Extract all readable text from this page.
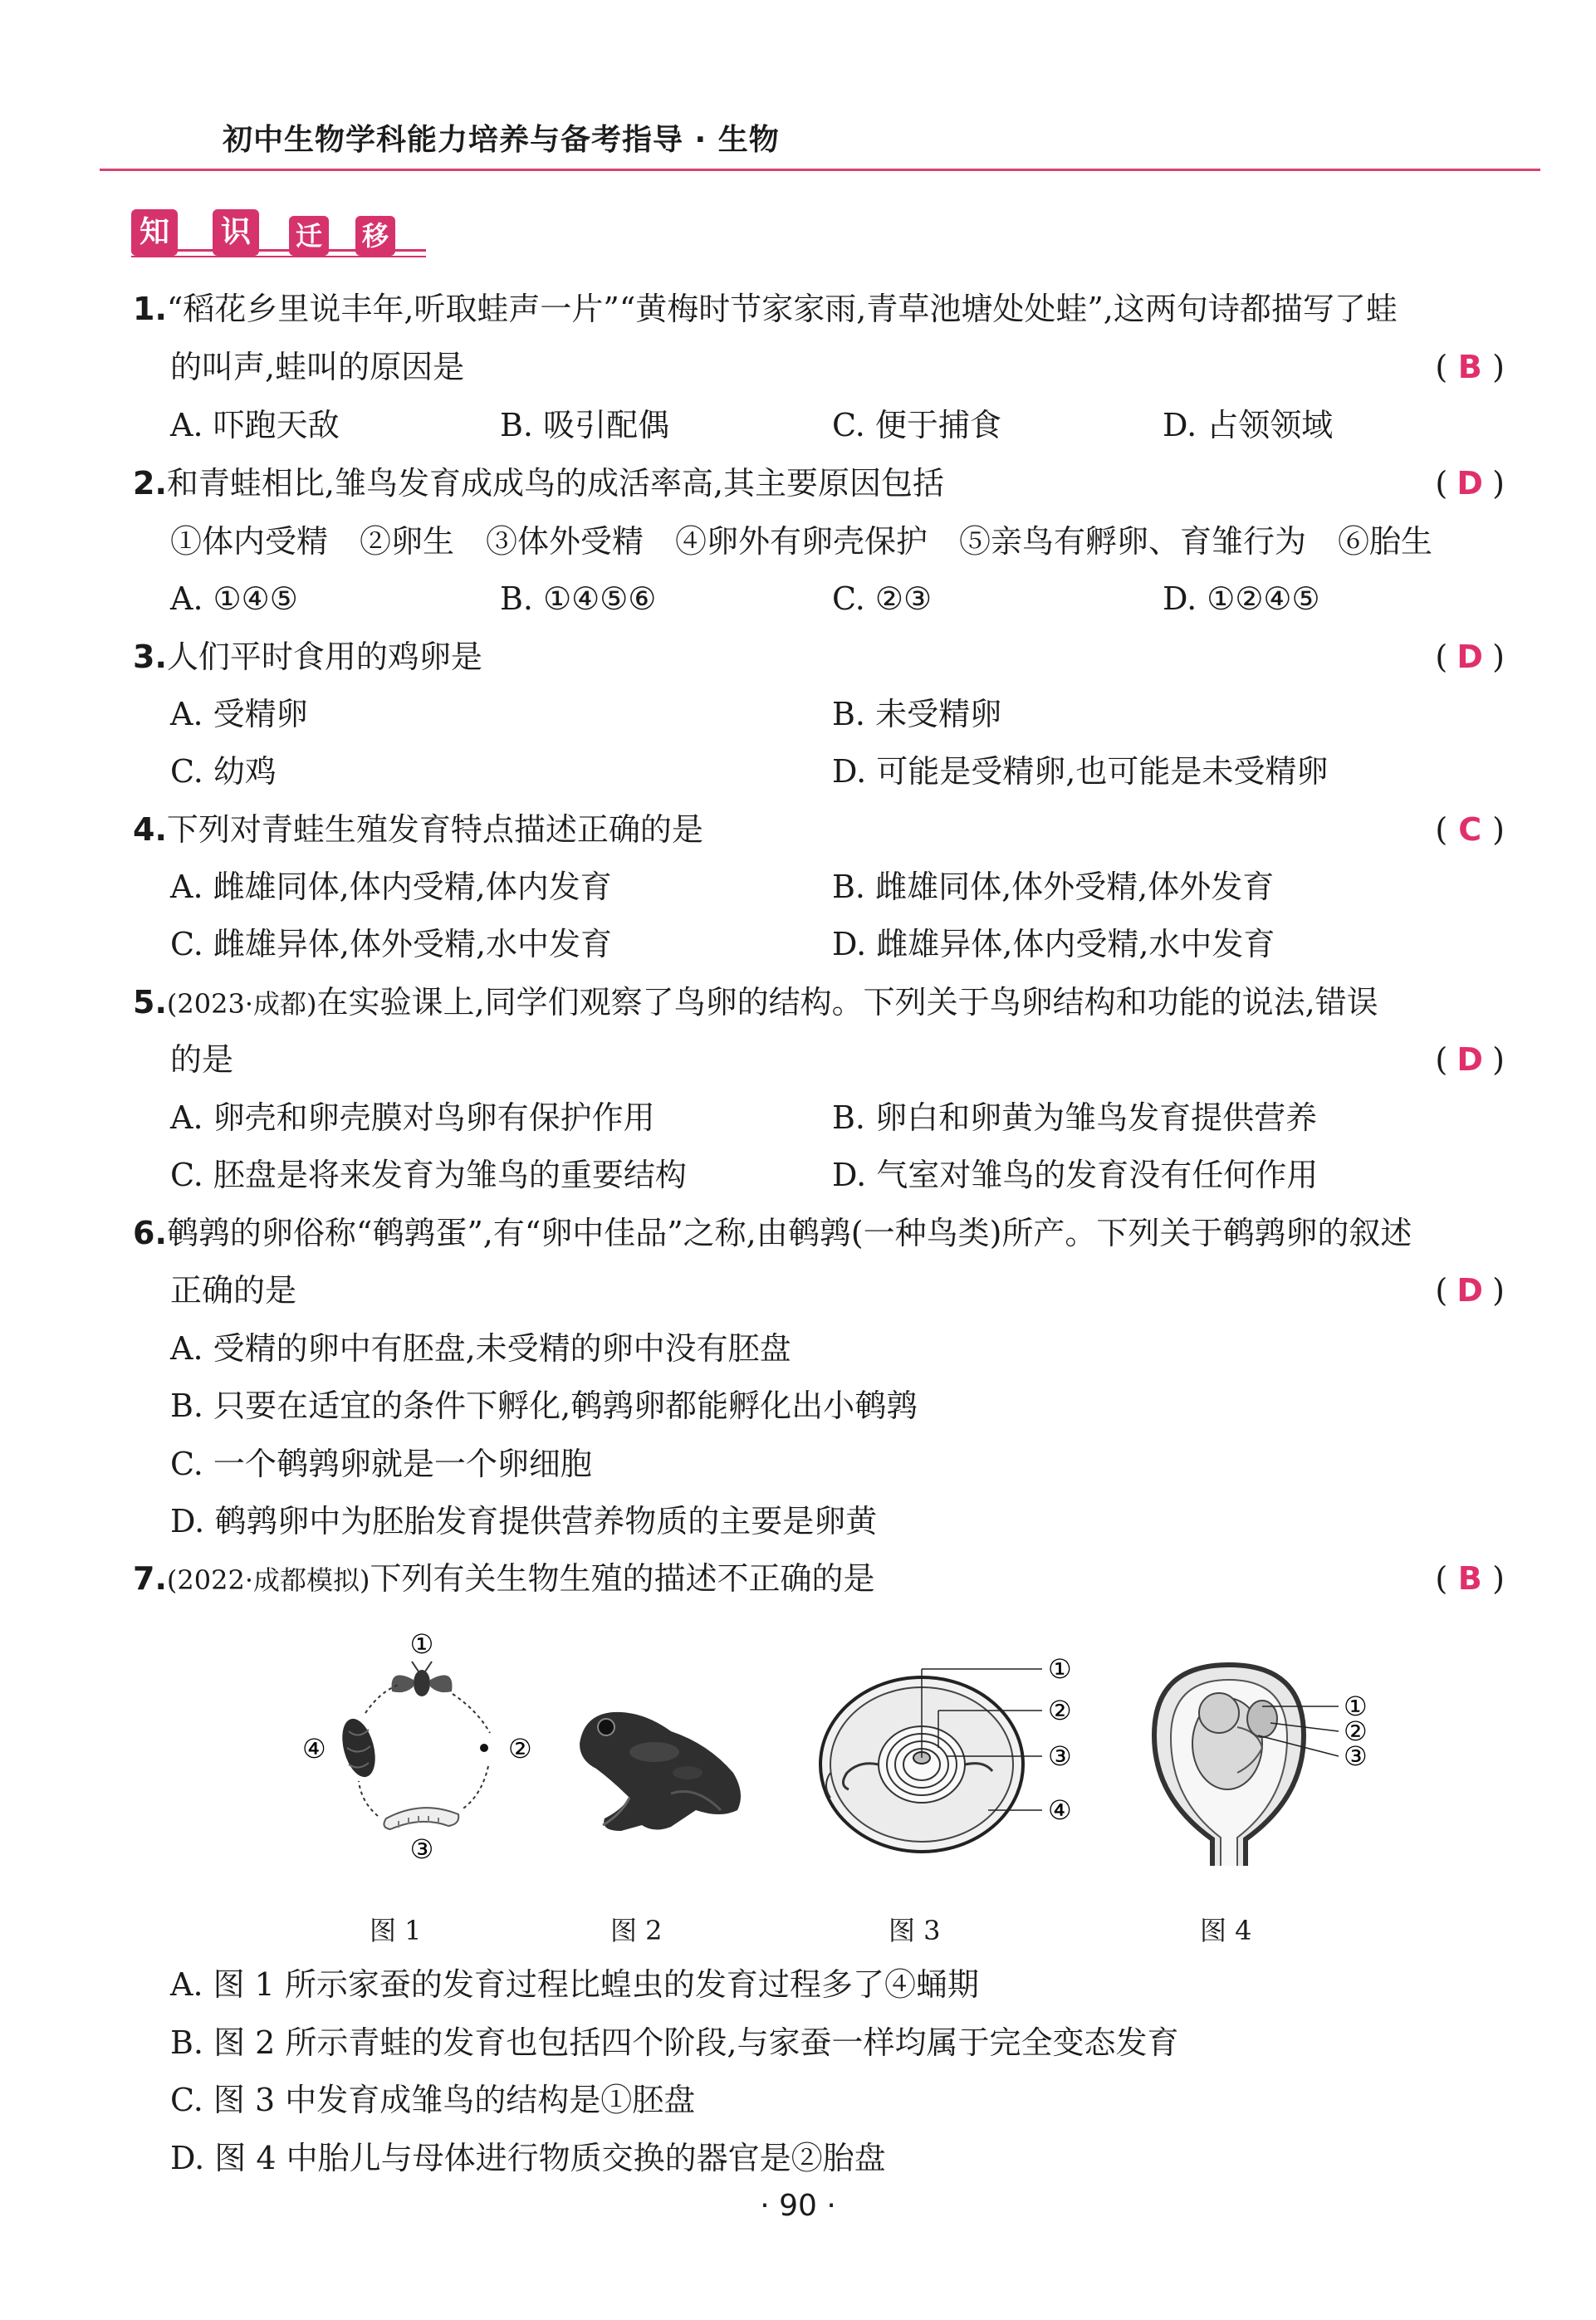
初中生物学科能力培养与备考指导 · 生物
知 识	迁 移
1.“稻花乡里说丰年,听取蛙声一片”“黄梅时节家家雨,青草池塘处处蛙”,这两句诗都描写了蛙
的叫声,蛙叫的原因是	( B )
A. 吓跑天敌	B. 吸引配偶	C. 便于捕食	D. 占领领域
2.和青蛙相比,雏鸟发育成成鸟的成活率高,其主要原因包括	( D )
①体内受精　②卵生　③体外受精　④卵外有卵壳保护　⑤亲鸟有孵卵、育雏行为　⑥胎生
A. ①④⑤	B. ①④⑤⑥	C. ②③	D. ①②④⑤
3.人们平时食用的鸡卵是	( D )
A. 受精卵	B. 未受精卵
C. 幼鸡	D. 可能是受精卵,也可能是未受精卵
4.下列对青蛙生殖发育特点描述正确的是	( C )
A. 雌雄同体,体内受精,体内发育	B. 雌雄同体,体外受精,体外发育
C. 雌雄异体,体外受精,水中发育	D. 雌雄异体,体内受精,水中发育
5.(2023·成都)在实验课上,同学们观察了鸟卵的结构。下列关于鸟卵结构和功能的说法,错误
的是	( D )
A. 卵壳和卵壳膜对鸟卵有保护作用	B. 卵白和卵黄为雏鸟发育提供营养
C. 胚盘是将来发育为雏鸟的重要结构	D. 气室对雏鸟的发育没有任何作用
6.鹌鹑的卵俗称“鹌鹑蛋”,有“卵中佳品”之称,由鹌鹑(一种鸟类)所产。下列关于鹌鹑卵的叙述
正确的是	( D )
A. 受精的卵中有胚盘,未受精的卵中没有胚盘
B. 只要在适宜的条件下孵化,鹌鹑卵都能孵化出小鹌鹑
C. 一个鹌鹑卵就是一个卵细胞
D. 鹌鹑卵中为胚胎发育提供营养物质的主要是卵黄
7.(2022·成都模拟)下列有关生物生殖的描述不正确的是	( B )
①
②
③
④
①
②
③
④
①
②
③
图 1	图 2	图 3	图 4
A. 图 1 所示家蚕的发育过程比蝗虫的发育过程多了④蛹期
B. 图 2 所示青蛙的发育也包括四个阶段,与家蚕一样均属于完全变态发育
C. 图 3 中发育成雏鸟的结构是①胚盘
D. 图 4 中胎儿与母体进行物质交换的器官是②胎盘
· 90 ·
